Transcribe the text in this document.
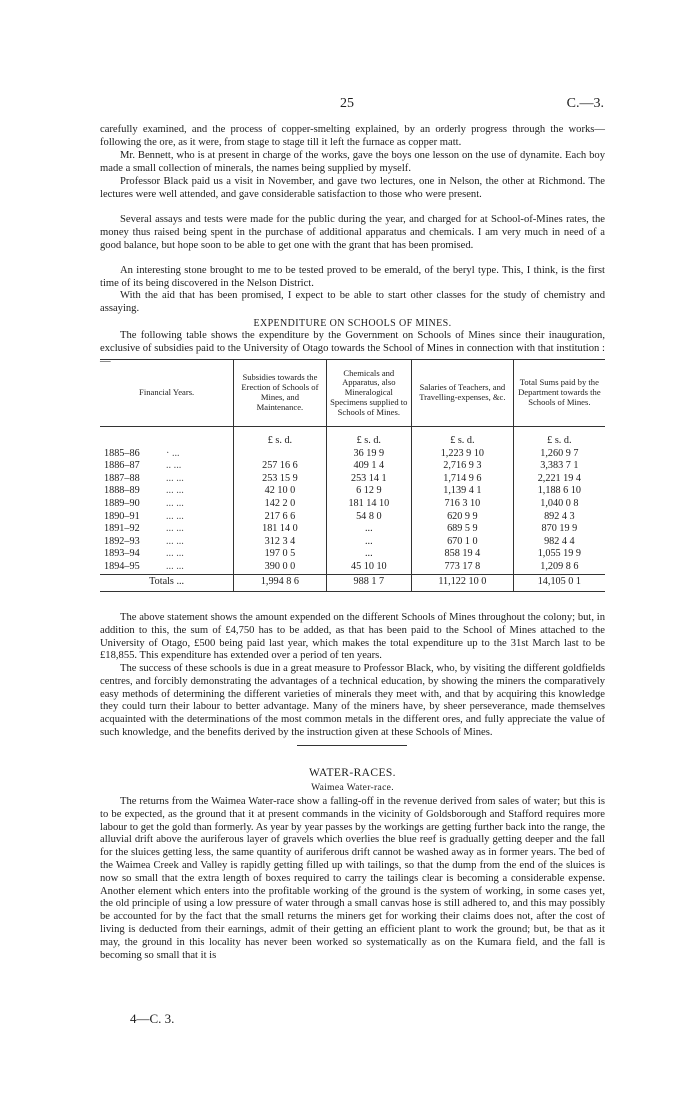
25	C.—3.

carefully examined, and the process of copper-smelting explained, by an orderly progress through the works—following the ore, as it were, from stage to stage till it left the furnace as copper matt.

Mr. Bennett, who is at present in charge of the works, gave the boys one lesson on the use of dynamite. Each boy made a small collection of minerals, the names being supplied by myself.

Professor Black paid us a visit in November, and gave two lectures, one in Nelson, the other at Richmond. The lectures were well attended, and gave considerable satisfaction to those who were present.

Several assays and tests were made for the public during the year, and charged for at School-of-Mines rates, the money thus raised being spent in the purchase of additional apparatus and chemicals. I am very much in need of a good balance, but hope soon to be able to get one with the grant that has been promised.

An interesting stone brought to me to be tested proved to be emerald, of the beryl type. This, I think, is the first time of its being discovered in the Nelson District.

With the aid that has been promised, I expect to be able to start other classes for the study of chemistry and assaying.

EXPENDITURE ON SCHOOLS OF MINES.

The following table shows the expenditure by the Government on Schools of Mines since their inauguration, exclusive of subsidies paid to the University of Otago towards the School of Mines in connection with that institution :—

Financial Years.	Subsidies towards the Erection of Schools of Mines, and Maintenance.	Chemicals and Apparatus, also Mineralogical Specimens supplied to Schools of Mines.	Salaries of Teachers, and Travelling-expenses, &c.	Total Sums paid by the Department towards the Schools of Mines.
	£ s. d.	£ s. d.	£ s. d.	£ s. d.
1885–86 · ...		36 19 9	1,223 9 10	1,260 9 7
1886–87 .. ...	257 16 6	409 1 4	2,716 9 3	3,383 7 1
1887–88 ... ...	253 15 9	253 14 1	1,714 9 6	2,221 19 4
1888–89 ... ...	42 10 0	6 12 9	1,139 4 1	1,188 6 10
1889–90 ... ...	142 2 0	181 14 10	716 3 10	1,040 0 8
1890–91 ... ...	217 6 6	54 8 0	620 9 9	892 4 3
1891–92 ... ...	181 14 0	...	689 5 9	870 19 9
1892–93 ... ...	312 3 4	...	670 1 0	982 4 4
1893–94 ... ...	197 0 5	...	858 19 4	1,055 19 9
1894–95 ... ...	390 0 0	45 10 10	773 17 8	1,209 8 6
Totals ...	1,994 8 6	988 1 7	11,122 10 0	14,105 0 1

The above statement shows the amount expended on the different Schools of Mines throughout the colony; but, in addition to this, the sum of £4,750 has to be added, as that has been paid to the School of Mines attached to the University of Otago, £500 being paid last year, which makes the total expenditure up to the 31st March last to be £18,855. This expenditure has extended over a period of ten years.

The success of these schools is due in a great measure to Professor Black, who, by visiting the different goldfields centres, and forcibly demonstrating the advantages of a technical education, by showing the miners the comparatively easy methods of determining the different varieties of minerals they meet with, and that by acquiring this knowledge they could turn their labour to better advantage. Many of the miners have, by sheer perseverance, made themselves acquainted with the determinations of the most common metals in the different ores, and fully appreciate the value of such knowledge, and the benefits derived by the instruction given at these Schools of Mines.

WATER-RACES.
Waimea Water-race.

The returns from the Waimea Water-race show a falling-off in the revenue derived from sales of water; but this is to be expected, as the ground that it at present commands in the vicinity of Goldsborough and Stafford requires more labour to get the gold than formerly. As year by year passes by the workings are getting further back into the range, the alluvial drift above the auriferous layer of gravels which overlies the blue reef is gradually getting deeper and the fall for the sluices getting less, the same quantity of auriferous drift cannot be washed away as in former years. The bed of the Waimea Creek and Valley is rapidly getting filled up with tailings, so that the dump from the end of the sluices is now so small that the extra length of boxes required to carry the tailings clear is becoming a considerable expense. Another element which enters into the profitable working of the ground is the system of working, in some cases yet, the old principle of using a low pressure of water through a small canvas hose is still adhered to, and this may possibly be accounted for by the fact that the small returns the miners get for working their claims does not, after the cost of living is deducted from their earnings, admit of their getting an efficient plant to work the ground; but, be that as it may, the ground in this locality has never been worked so systematically as on the Kumara field, and the fall is becoming so small that it is

4—C. 3.
